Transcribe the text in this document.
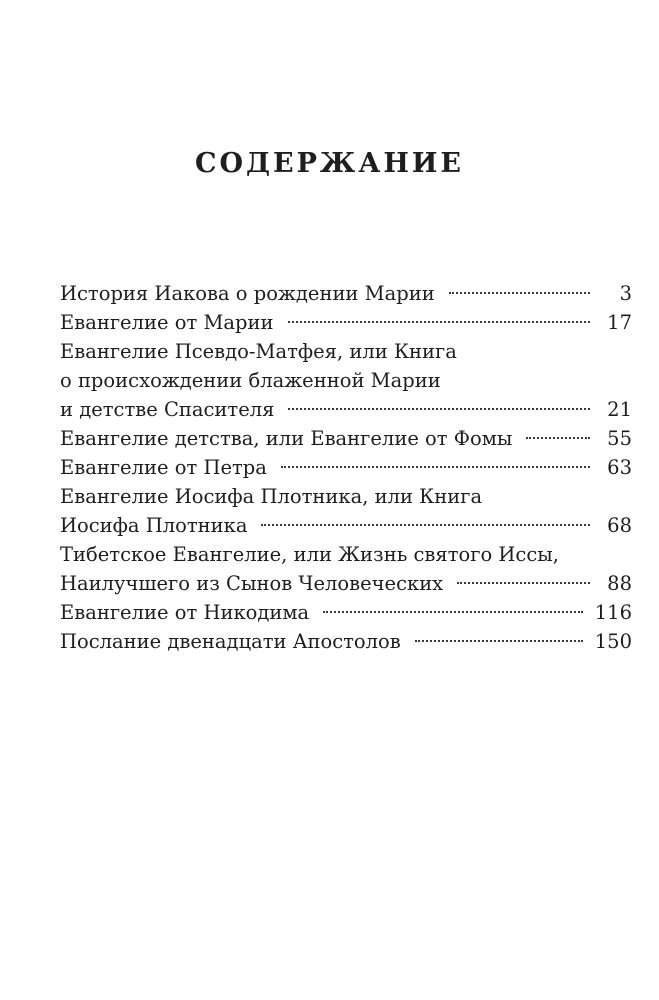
СОДЕРЖАНИЕ
История Иакова о рождении Марии	3
Евангелие от Марии	17
Евангелие Псевдо-Матфея, или Книга
о происхождении блаженной Марии
и детстве Спасителя	21
Евангелие детства, или Евангелие от Фомы	55
Евангелие от Петра	63
Евангелие Иосифа Плотника, или Книга
Иосифа Плотника	68
Тибетское Евангелие, или Жизнь святого Иссы,
Наилучшего из Сынов Человеческих	88
Евангелие от Никодима	116
Послание двенадцати Апостолов	150
